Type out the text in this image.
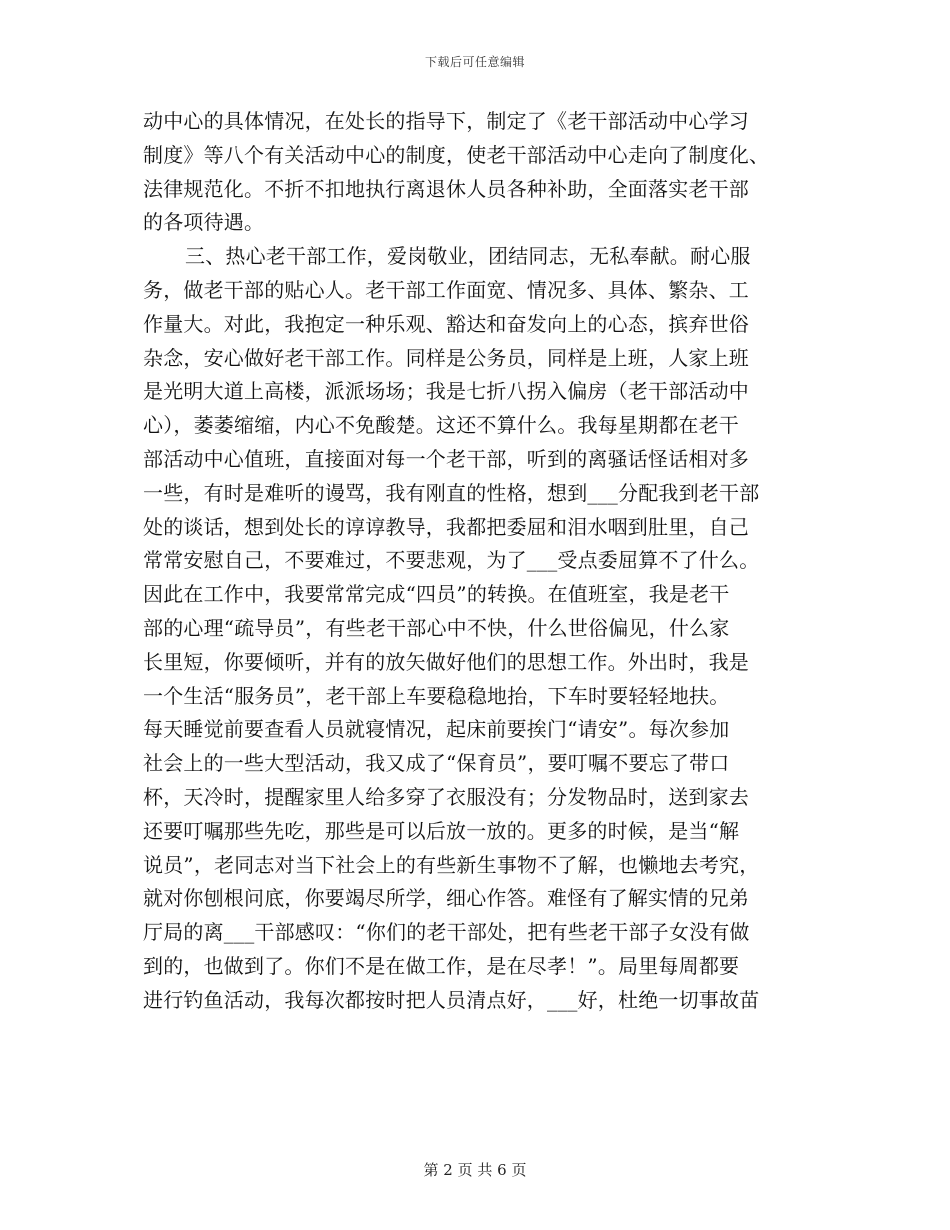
下载后可任意编辑
动中心的具体情况，在处长的指导下，制定了《老干部活动中心学习
制度》等八个有关活动中心的制度，使老干部活动中心走向了制度化、
法律规范化。不折不扣地执行离退休人员各种补助，全面落实老干部
的各项待遇。
三、热心老干部工作，爱岗敬业，团结同志，无私奉献。耐心服
务，做老干部的贴心人。老干部工作面宽、情况多、具体、繁杂、工
作量大。对此，我抱定一种乐观、豁达和奋发向上的心态，摈弃世俗
杂念，安心做好老干部工作。同样是公务员，同样是上班，人家上班
是光明大道上高楼，派派场场；我是七折八拐入偏房（老干部活动中
心），萎萎缩缩，内心不免酸楚。这还不算什么。我每星期都在老干
部活动中心值班，直接面对每一个老干部，听到的离骚话怪话相对多
一些，有时是难听的谩骂，我有刚直的性格，想到___分配我到老干部
处的谈话，想到处长的谆谆教导，我都把委屈和泪水咽到肚里，自己
常常安慰自己，不要难过，不要悲观，为了___受点委屈算不了什么。
因此在工作中，我要常常完成“四员”的转换。在值班室，我是老干
部的心理“疏导员”，有些老干部心中不快，什么世俗偏见，什么家
长里短，你要倾听，并有的放矢做好他们的思想工作。外出时，我是
一个生活“服务员”，老干部上车要稳稳地抬，下车时要轻轻地扶。
每天睡觉前要查看人员就寝情况，起床前要挨门“请安”。每次参加
社会上的一些大型活动，我又成了“保育员”，要叮嘱不要忘了带口
杯，天冷时，提醒家里人给多穿了衣服没有；分发物品时，送到家去
还要叮嘱那些先吃，那些是可以后放一放的。更多的时候，是当“解
说员”，老同志对当下社会上的有些新生事物不了解，也懒地去考究，
就对你刨根问底，你要竭尽所学，细心作答。难怪有了解实情的兄弟
厅局的离___干部感叹：“你们的老干部处，把有些老干部子女没有做
到的，也做到了。你们不是在做工作，是在尽孝！”。局里每周都要
进行钓鱼活动，我每次都按时把人员清点好，___好，杜绝一切事故苗
第 2 页 共 6 页
